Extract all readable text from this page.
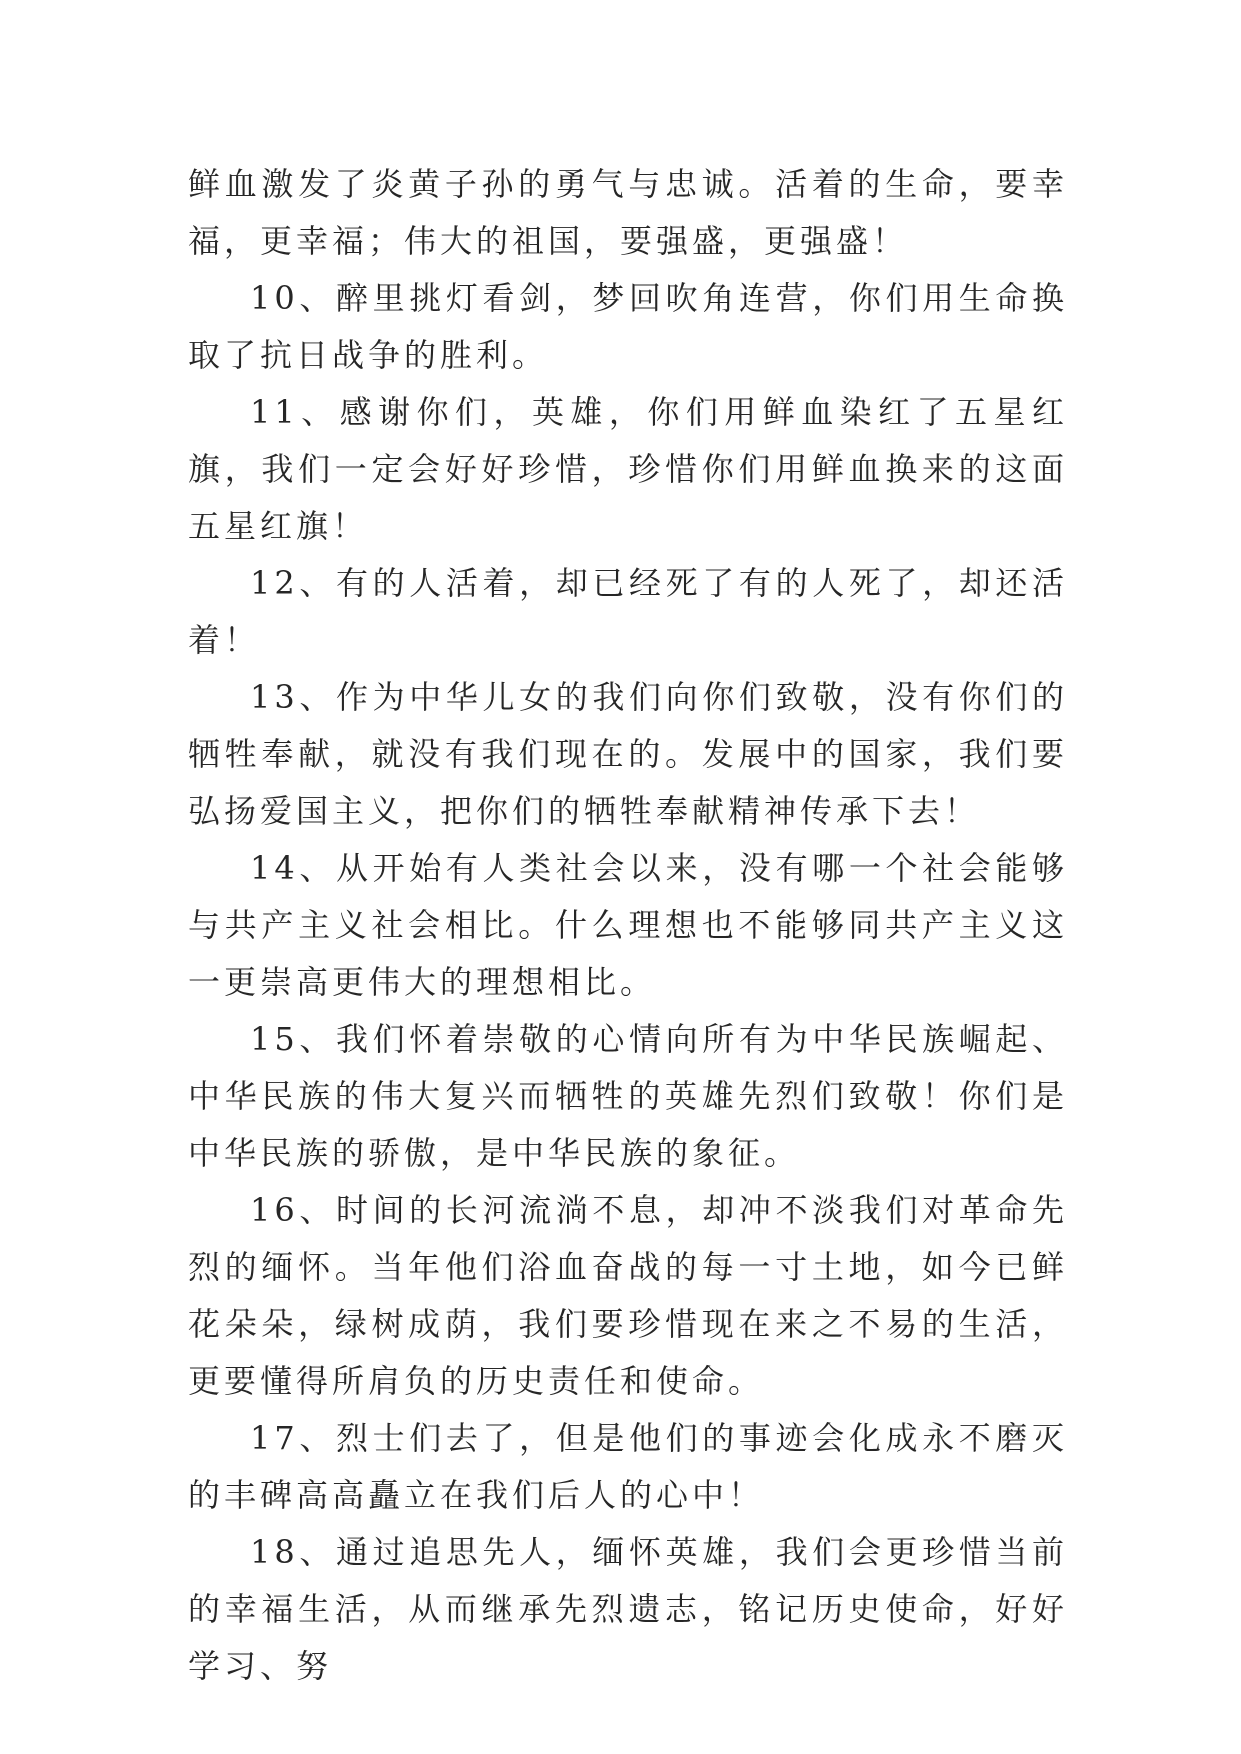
鲜血激发了炎黄子孙的勇气与忠诚。活着的生命，要幸福，更幸福；伟大的祖国，要强盛，更强盛！

10、醉里挑灯看剑，梦回吹角连营，你们用生命换取了抗日战争的胜利。

11、感谢你们，英雄，你们用鲜血染红了五星红旗，我们一定会好好珍惜，珍惜你们用鲜血换来的这面五星红旗！

12、有的人活着，却已经死了有的人死了，却还活着！

13、作为中华儿女的我们向你们致敬，没有你们的牺牲奉献，就没有我们现在的。发展中的国家，我们要弘扬爱国主义，把你们的牺牲奉献精神传承下去！

14、从开始有人类社会以来，没有哪一个社会能够与共产主义社会相比。什么理想也不能够同共产主义这一更崇高更伟大的理想相比。

15、我们怀着崇敬的心情向所有为中华民族崛起、中华民族的伟大复兴而牺牲的英雄先烈们致敬！你们是中华民族的骄傲，是中华民族的象征。

16、时间的长河流淌不息，却冲不淡我们对革命先烈的缅怀。当年他们浴血奋战的每一寸土地，如今已鲜花朵朵，绿树成荫，我们要珍惜现在来之不易的生活，更要懂得所肩负的历史责任和使命。

17、烈士们去了，但是他们的事迹会化成永不磨灭的丰碑高高矗立在我们后人的心中！

18、通过追思先人，缅怀英雄，我们会更珍惜当前的幸福生活，从而继承先烈遗志，铭记历史使命，好好学习、努
